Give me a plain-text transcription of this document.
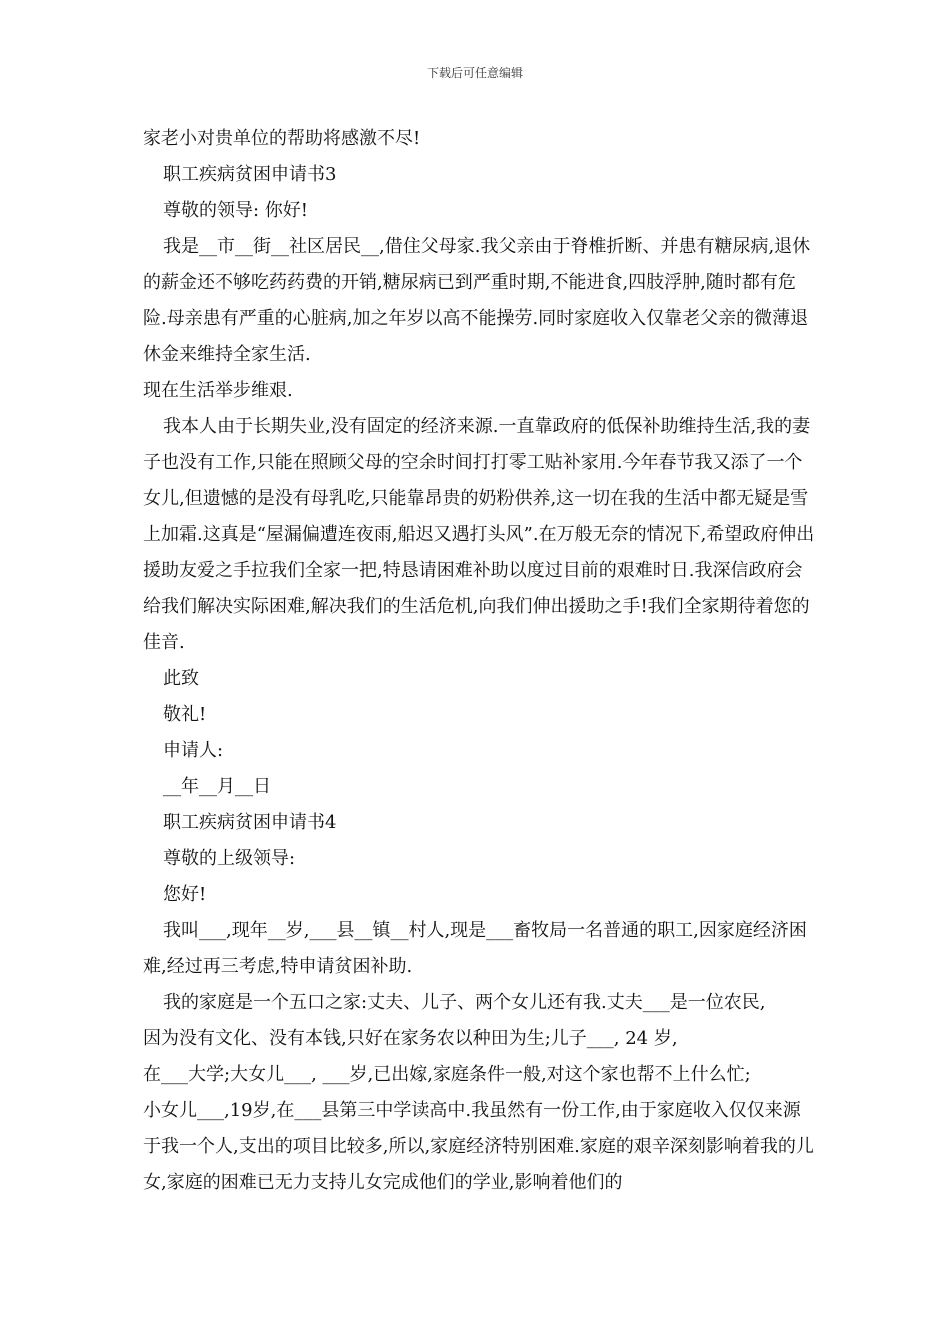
下载后可任意编辑

家老小对贵单位的帮助将感激不尽!

职工疾病贫困申请书3

尊敬的领导: 你好!

我是__市__街__社区居民__,借住父母家.我父亲由于脊椎折断、并患有糖尿病,退休的薪金还不够吃药药费的开销,糖尿病已到严重时期,不能进食,四肢浮肿,随时都有危险.母亲患有严重的心脏病,加之年岁以高不能操劳.同时家庭收入仅靠老父亲的微薄退休金来维持全家生活.

现在生活举步维艰.

我本人由于长期失业,没有固定的经济来源.一直靠政府的低保补助维持生活,我的妻子也没有工作,只能在照顾父母的空余时间打打零工贴补家用.今年春节我又添了一个女儿,但遗憾的是没有母乳吃,只能靠昂贵的奶粉供养,这一切在我的生活中都无疑是雪上加霜.这真是“屋漏偏遭连夜雨,船迟又遇打头风”.在万般无奈的情况下,希望政府伸出援助友爱之手拉我们全家一把,特恳请困难补助以度过目前的艰难时日.我深信政府会给我们解决实际困难,解决我们的生活危机,向我们伸出援助之手!我们全家期待着您的佳音.

此致

敬礼!

申请人:

__年__月__日

职工疾病贫困申请书4

尊敬的上级领导:

您好!

我叫___,现年__岁,___县__镇__村人,现是___畜牧局一名普通的职工,因家庭经济困难,经过再三考虑,特申请贫困补助.

我的家庭是一个五口之家:丈夫、儿子、两个女儿还有我.丈夫___是一位农民,

因为没有文化、没有本钱,只好在家务农以种田为生;儿子___, 24 岁,

在___大学;大女儿___, ___岁,已出嫁,家庭条件一般,对这个家也帮不上什么忙;

小女儿___,19岁,在___县第三中学读高中.我虽然有一份工作,由于家庭收入仅仅来源于我一个人,支出的项目比较多,所以,家庭经济特别困难.家庭的艰辛深刻影响着我的儿女,家庭的困难已无力支持儿女完成他们的学业,影响着他们的
